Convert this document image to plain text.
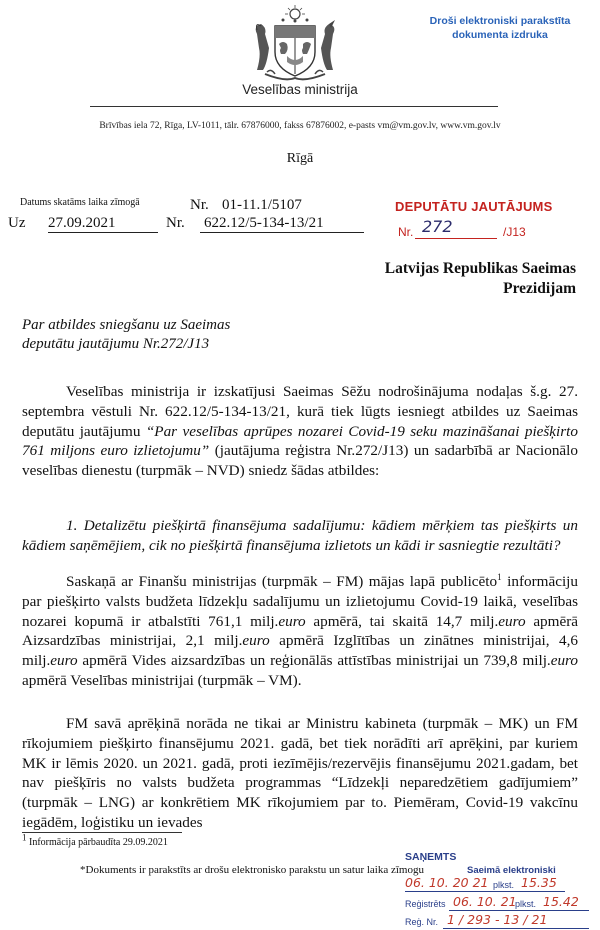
Veselības ministrija
Brīvības iela 72, Rīga, LV-1011, tālr. 67876000, fakss 67876002, e-pasts vm@vm.gov.lv, www.vm.gov.lv
Droši elektroniski parakstīta
dokumenta izdruka
Rīgā
Datums skatāms laika zīmogā
Uz 27.09.2021
Nr. 01-11.1/5107
Nr. 622.12/5-134-13/21
DEPUTĀTU JAUTĀJUMS
Nr. 272	/J13
Latvijas Republikas Saeimas
Prezidijam
Par atbildes sniegšanu uz Saeimas
deputātu jautājumu Nr.272/J13
Veselības ministrija ir izskatījusi Saeimas Sēžu nodrošinājuma nodaļas š.g. 27. septembra vēstuli Nr. 622.12/5-134-13/21, kurā tiek lūgts iesniegt atbildes uz Saeimas deputātu jautājumu “Par veselības aprūpes nozarei Covid-19 seku mazināšanai piešķirto 761 miljons euro izlietojumu” (jautājuma reģistra Nr.272/J13) un sadarbībā ar Nacionālo veselības dienestu (turpmāk – NVD) sniedz šādas atbildes:
1. Detalizētu piešķirtā finansējuma sadalījumu: kādiem mērķiem tas piešķirts un kādiem saņēmējiem, cik no piešķirtā finansējuma izlietots un kādi ir sasniegtie rezultāti?
Saskaņā ar Finanšu ministrijas (turpmāk – FM) mājas lapā publicēto$^1$ informāciju par piešķirto valsts budžeta līdzekļu sadalījumu un izlietojumu Covid-19 laikā, veselības nozarei kopumā ir atbalstīti 761,1 milj.euro apmērā, tai skaitā 14,7 milj.euro apmērā Aizsardzības ministrijai, 2,1 milj.euro apmērā Izglītības un zinātnes ministrijai, 4,6 milj.euro apmērā Vides aizsardzības un reģionālās attīstības ministrijai un 739,8 milj.euro apmērā Veselības ministrijai (turpmāk – VM).
FM savā aprēķinā norāda ne tikai ar Ministru kabineta (turpmāk – MK) un FM rīkojumiem piešķirto finansējumu 2021. gadā, bet tiek norādīti arī aprēķini, par kuriem MK ir lēmis 2020. un 2021. gadā, proti iezīmējis/rezervējis finansējumu 2021.gadam, bet nav piešķīris no valsts budžeta programmas “Līdzekļi neparedzētiem gadījumiem” (turpmāk – LNG) ar konkrētiem MK rīkojumiem par to. Piemēram, Covid-19 vakcīnu iegādēm, loģistiku un ievades
$^1$ Informācija pārbaudīta 29.09.2021
*Dokuments ir parakstīts ar drošu elektronisko parakstu un satur laika zīmogu
SAŅEMTS
Saeimā elektroniski
06. 10. 20 21 plkst. 15.35
Reģistrēts 06. 10. 21
plkst. 15.42
Reģ. Nr. 1 / 293 - 13 / 21
